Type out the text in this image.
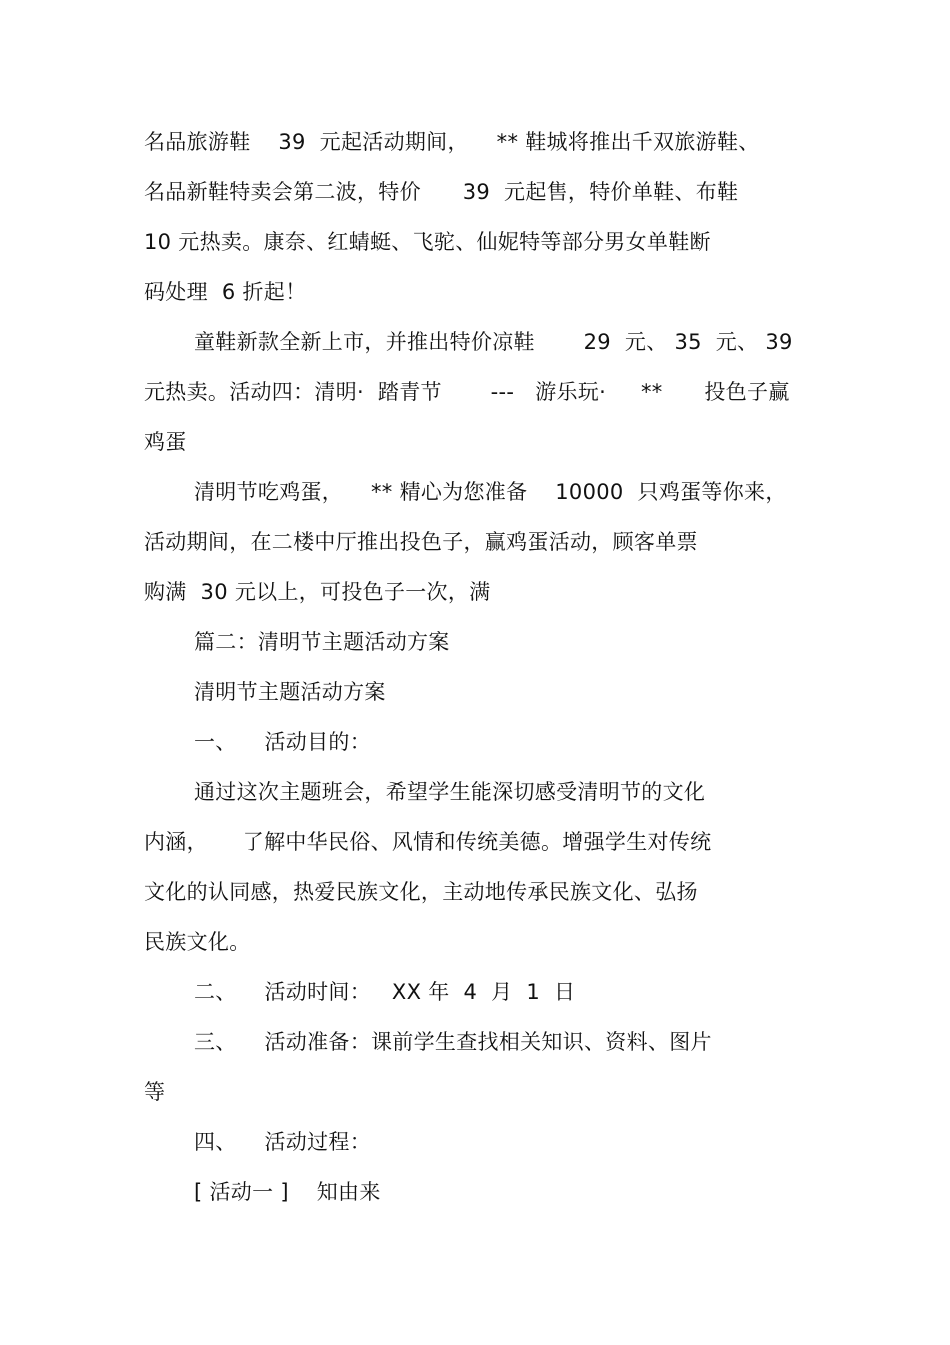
名品旅游鞋    39  元起活动期间，    ** 鞋城将推出千双旅游鞋、
名品新鞋特卖会第二波，特价      39  元起售，特价单鞋、布鞋
10 元热卖。康奈、红蜻蜓、飞驼、仙妮特等部分男女单鞋断
码处理  6 折起！
童鞋新款全新上市，并推出特价凉鞋       29  元、 35  元、 39
元热卖。活动四：清明·  踏青节       ---   游乐玩·     **      投色子赢
鸡蛋
清明节吃鸡蛋，    ** 精心为您准备    10000  只鸡蛋等你来，
活动期间，在二楼中厅推出投色子，赢鸡蛋活动，顾客单票
购满  30 元以上，可投色子一次，满
篇二：清明节主题活动方案
清明节主题活动方案
一、    活动目的：
通过这次主题班会，希望学生能深切感受清明节的文化
内涵，     了解中华民俗、风情和传统美德。增强学生对传统
文化的认同感，热爱民族文化，主动地传承民族文化、弘扬
民族文化。
二、    活动时间：   XX 年  4  月  1  日
三、    活动准备：课前学生查找相关知识、资料、图片
等
四、    活动过程：
[ 活动一 ]    知由来
